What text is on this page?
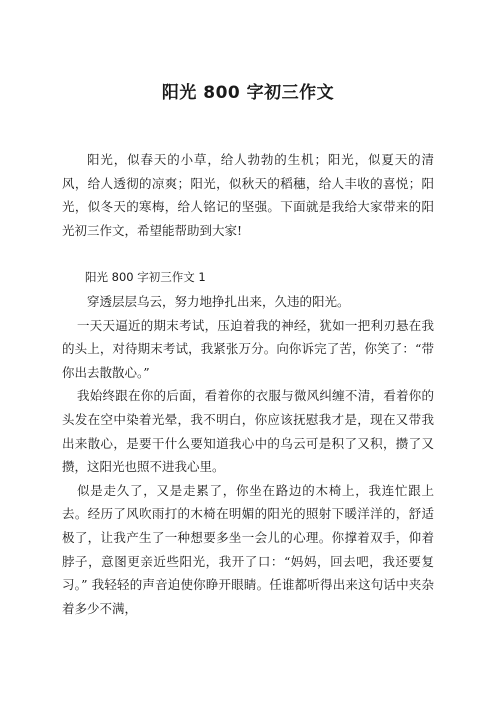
阳光 800 字初三作文

阳光，似春天的小草，给人勃勃的生机；阳光，似夏天的清风，给人透彻的凉爽；阳光，似秋天的稻穗，给人丰收的喜悦；阳光，似冬天的寒梅，给人铭记的坚强。下面就是我给大家带来的阳光初三作文，希望能帮助到大家!

阳光 800 字初三作文 1

穿透层层乌云，努力地挣扎出来，久违的阳光。

一天天逼近的期末考试，压迫着我的神经，犹如一把利刃悬在我的头上，对待期末考试，我紧张万分。向你诉完了苦，你笑了：“带你出去散散心。”

我始终跟在你的后面，看着你的衣服与微风纠缠不清，看着你的头发在空中染着光晕，我不明白，你应该抚慰我才是，现在又带我出来散心，是要干什么要知道我心中的乌云可是积了又积，攒了又攒，这阳光也照不进我心里。

似是走久了，又是走累了，你坐在路边的木椅上，我连忙跟上去。经历了风吹雨打的木椅在明媚的阳光的照射下暖洋洋的，舒适极了，让我产生了一种想要多坐一会儿的心理。你撑着双手，仰着脖子，意图更亲近些阳光，我开了口：“妈妈，回去吧，我还要复习。” 我轻轻的声音迫使你睁开眼睛。任谁都听得出来这句话中夹杂着多少不满，
